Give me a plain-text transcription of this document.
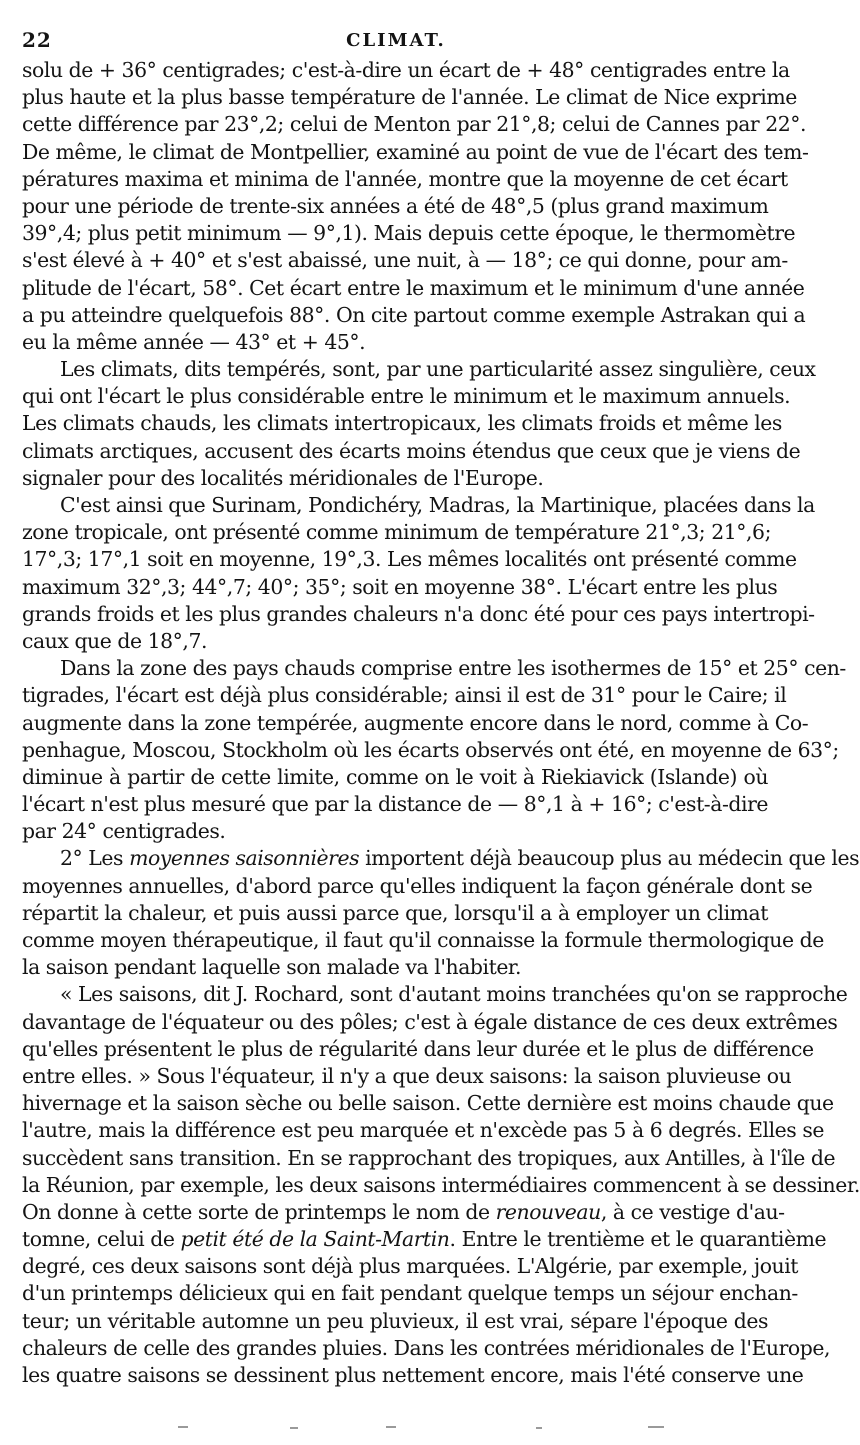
22	CLIMAT.
solu de + 36° centigrades; c'est-à-dire un écart de + 48° centigrades entre la
plus haute et la plus basse température de l'année. Le climat de Nice exprime
cette différence par 23°,2; celui de Menton par 21°,8; celui de Cannes par 22°.
De même, le climat de Montpellier, examiné au point de vue de l'écart des tem-
pératures maxima et minima de l'année, montre que la moyenne de cet écart
pour une période de trente-six années a été de 48°,5 (plus grand maximum
39°,4; plus petit minimum — 9°,1). Mais depuis cette époque, le thermomètre
s'est élevé à + 40° et s'est abaissé, une nuit, à — 18°; ce qui donne, pour am-
plitude de l'écart, 58°. Cet écart entre le maximum et le minimum d'une année
a pu atteindre quelquefois 88°. On cite partout comme exemple Astrakan qui a
eu la même année — 43° et + 45°.
Les climats, dits tempérés, sont, par une particularité assez singulière, ceux
qui ont l'écart le plus considérable entre le minimum et le maximum annuels.
Les climats chauds, les climats intertropicaux, les climats froids et même les
climats arctiques, accusent des écarts moins étendus que ceux que je viens de
signaler pour des localités méridionales de l'Europe.
C'est ainsi que Surinam, Pondichéry, Madras, la Martinique, placées dans la
zone tropicale, ont présenté comme minimum de température 21°,3; 21°,6;
17°,3; 17°,1 soit en moyenne, 19°,3. Les mêmes localités ont présenté comme
maximum 32°,3; 44°,7; 40°; 35°; soit en moyenne 38°. L'écart entre les plus
grands froids et les plus grandes chaleurs n'a donc été pour ces pays intertropi-
caux que de 18°,7.
Dans la zone des pays chauds comprise entre les isothermes de 15° et 25° cen-
tigrades, l'écart est déjà plus considérable; ainsi il est de 31° pour le Caire; il
augmente dans la zone tempérée, augmente encore dans le nord, comme à Co-
penhague, Moscou, Stockholm où les écarts observés ont été, en moyenne de 63°;
diminue à partir de cette limite, comme on le voit à Riekiavick (Islande) où
l'écart n'est plus mesuré que par la distance de — 8°,1 à + 16°; c'est-à-dire
par 24° centigrades.
2° Les moyennes saisonnières importent déjà beaucoup plus au médecin que les
moyennes annuelles, d'abord parce qu'elles indiquent la façon générale dont se
répartit la chaleur, et puis aussi parce que, lorsqu'il a à employer un climat
comme moyen thérapeutique, il faut qu'il connaisse la formule thermologique de
la saison pendant laquelle son malade va l'habiter.
« Les saisons, dit J. Rochard, sont d'autant moins tranchées qu'on se rapproche
davantage de l'équateur ou des pôles; c'est à égale distance de ces deux extrêmes
qu'elles présentent le plus de régularité dans leur durée et le plus de différence
entre elles. » Sous l'équateur, il n'y a que deux saisons: la saison pluvieuse ou
hivernage et la saison sèche ou belle saison. Cette dernière est moins chaude que
l'autre, mais la différence est peu marquée et n'excède pas 5 à 6 degrés. Elles se
succèdent sans transition. En se rapprochant des tropiques, aux Antilles, à l'île de
la Réunion, par exemple, les deux saisons intermédiaires commencent à se dessiner.
On donne à cette sorte de printemps le nom de renouveau, à ce vestige d'au-
tomne, celui de petit été de la Saint-Martin. Entre le trentième et le quarantième
degré, ces deux saisons sont déjà plus marquées. L'Algérie, par exemple, jouit
d'un printemps délicieux qui en fait pendant quelque temps un séjour enchan-
teur; un véritable automne un peu pluvieux, il est vrai, sépare l'époque des
chaleurs de celle des grandes pluies. Dans les contrées méridionales de l'Europe,
les quatre saisons se dessinent plus nettement encore, mais l'été conserve une
